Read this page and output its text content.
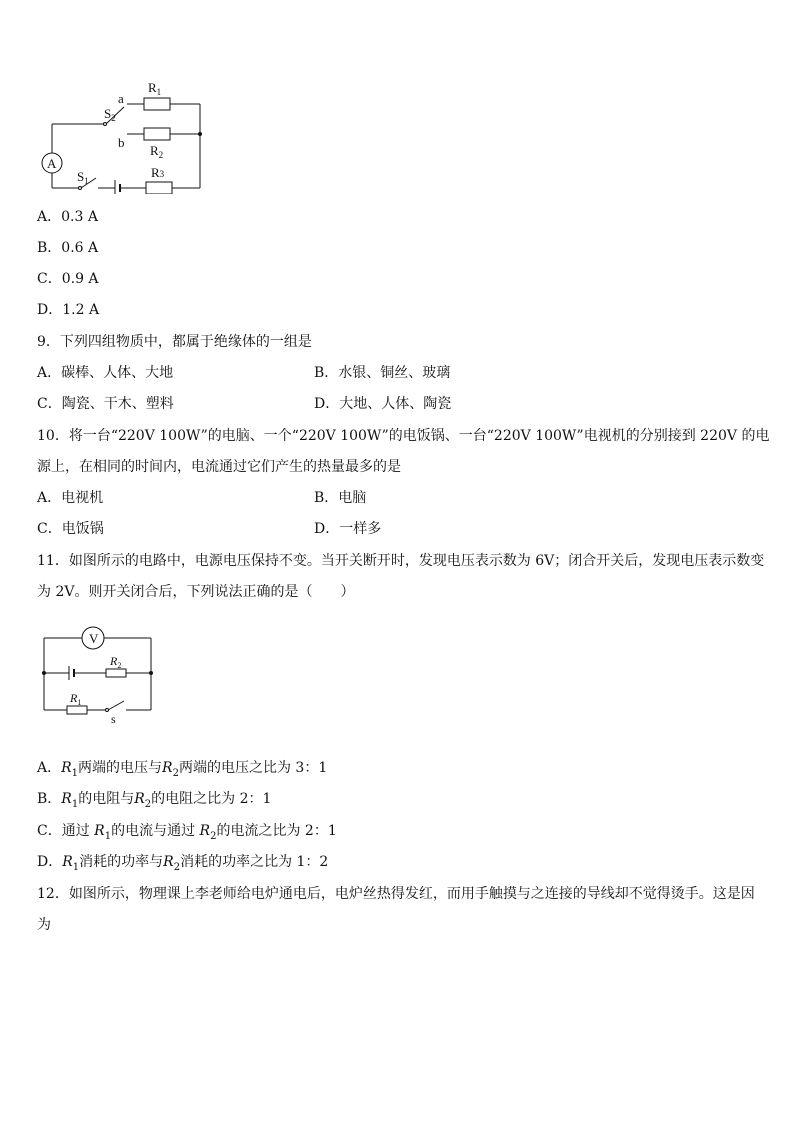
A
$R_1$
$R_2$
R3
$S_2$
$S_1$
a
b
A．0.3 A
B．0.6 A
C．0.9 A
D．1.2 A
9．下列四组物质中，都属于绝缘体的一组是
A．碳棒、人体、大地	B．水银、铜丝、玻璃
C．陶瓷、干木、塑料	D．大地、人体、陶瓷
10．将一台“220V 100W”的电脑、一个“220V 100W”的电饭锅、一台“220V 100W”电视机的分别接到 220V 的电
源上，在相同的时间内，电流通过它们产生的热量最多的是
A．电视机	B．电脑
C．电饭锅	D．一样多
11．如图所示的电路中，电源电压保持不变。当开关断开时，发现电压表示数为 6V；闭合开关后，发现电压表示数变
为 2V。则开关闭合后，下列说法正确的是（　　）
V
$R_2$
$R_1$
s
A．$R_1$两端的电压与$R_2$两端的电压之比为 3：1
B．$R_1$的电阻与$R_2$的电阻之比为 2：1
C．通过 $R_1$的电流与通过 $R_2$的电流之比为 2：1
D．$R_1$消耗的功率与$R_2$消耗的功率之比为 1：2
12．如图所示，物理课上李老师给电炉通电后，电炉丝热得发红，而用手触摸与之连接的导线却不觉得烫手。这是因
为
